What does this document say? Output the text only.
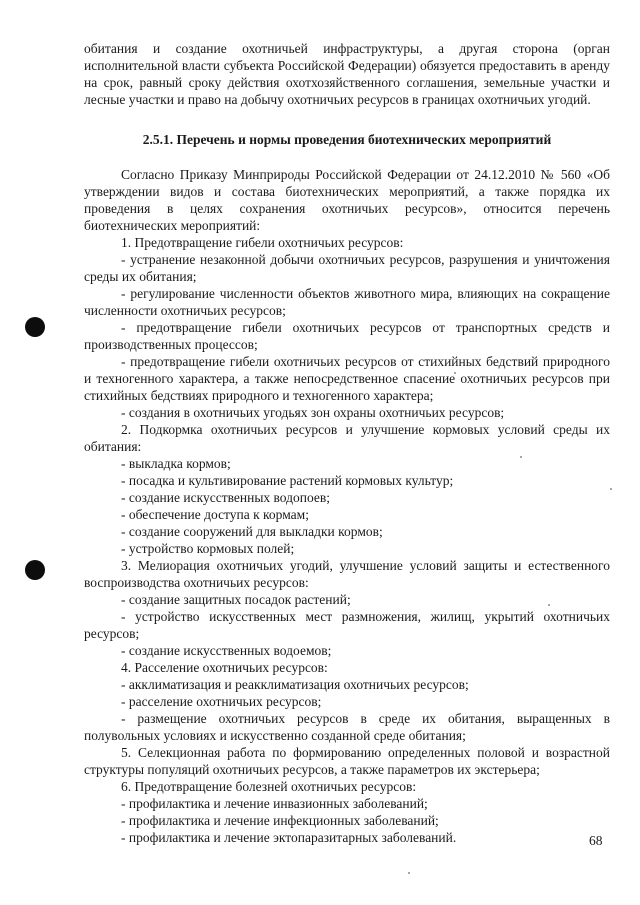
обитания и создание охотничьей инфраструктуры, а другая сторона (орган исполнительной власти субъекта Российской Федерации) обязуется предоставить в аренду на срок, равный сроку действия охотхозяйственного соглашения, земельные участки и лесные участки и право на добычу охотничьих ресурсов в границах охотничьих угодий.

2.5.1. Перечень и нормы проведения биотехнических мероприятий

Согласно Приказу Минприроды Российской Федерации от 24.12.2010 № 560 «Об утверждении видов и состава биотехнических мероприятий, а также порядка их проведения в целях сохранения охотничьих ресурсов», относится перечень биотехнических мероприятий:

1. Предотвращение гибели охотничьих ресурсов:

- устранение незаконной добычи охотничьих ресурсов, разрушения и уничтожения среды их обитания;

- регулирование численности объектов животного мира, влияющих на сокращение численности охотничьих ресурсов;

- предотвращение гибели охотничьих ресурсов от транспортных средств и производственных процессов;

- предотвращение гибели охотничьих ресурсов от стихийных бедствий природного и техногенного характера, а также непосредственное спасение охотничьих ресурсов при стихийных бедствиях природного и техногенного характера;

- создания в охотничьих угодьях зон охраны охотничьих ресурсов;

2. Подкормка охотничьих ресурсов и улучшение кормовых условий среды их обитания:

- выкладка кормов;

- посадка и культивирование растений кормовых культур;

- создание искусственных водопоев;

- обеспечение доступа к кормам;

- создание сооружений для выкладки кормов;

- устройство кормовых полей;

3. Мелиорация охотничьих угодий, улучшение условий защиты и естественного воспроизводства охотничьих ресурсов:

- создание защитных посадок растений;

- устройство искусственных мест размножения, жилищ, укрытий охотничьих ресурсов;

- создание искусственных водоемов;

4. Расселение охотничьих ресурсов:

- акклиматизация и реакклиматизация охотничьих ресурсов;

- расселение охотничьих ресурсов;

- размещение охотничьих ресурсов в среде их обитания, выращенных в полувольных условиях и искусственно созданной среде обитания;

5. Селекционная работа по формированию определенных половой и возрастной структуры популяций охотничьих ресурсов, а также параметров их экстерьера;

6. Предотвращение болезней охотничьих ресурсов:

- профилактика и лечение инвазионных заболеваний;

- профилактика и лечение инфекционных заболеваний;

- профилактика и лечение эктопаразитарных заболеваний.	68
